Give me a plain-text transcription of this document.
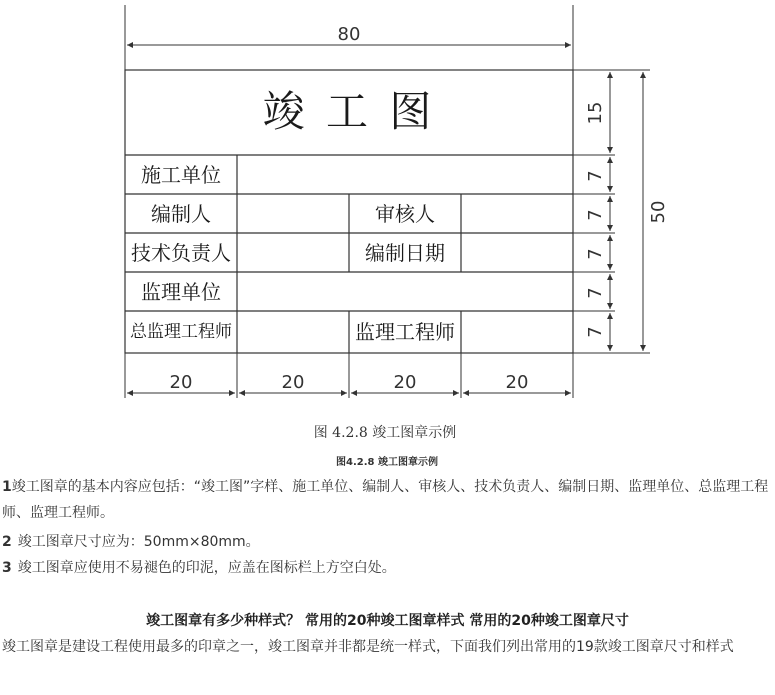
竣 工 图
施工单位
编制人	审核人
技术负责人	编制日期
监理单位
总监理工程师	监理工程师
80
15
7
7
7
7
7
50
20	20	20	20
图 4.2.8 竣工图章示例
图4.2.8 竣工图章示例
1竣工图章的基本内容应包括：“竣工图”字样、施工单位、编制人、审核人、技术负责人、编制日期、监理单位、总监理工程师、监理工程师。
2 竣工图章尺寸应为：50mm×80mm。
3 竣工图章应使用不易褪色的印泥，应盖在图标栏上方空白处。
竣工图章有多少种样式？ 常用的20种竣工图章样式 常用的20种竣工图章尺寸
竣工图章是建设工程使用最多的印章之一，竣工图章并非都是统一样式，下面我们列出常用的19款竣工图章尺寸和样式
